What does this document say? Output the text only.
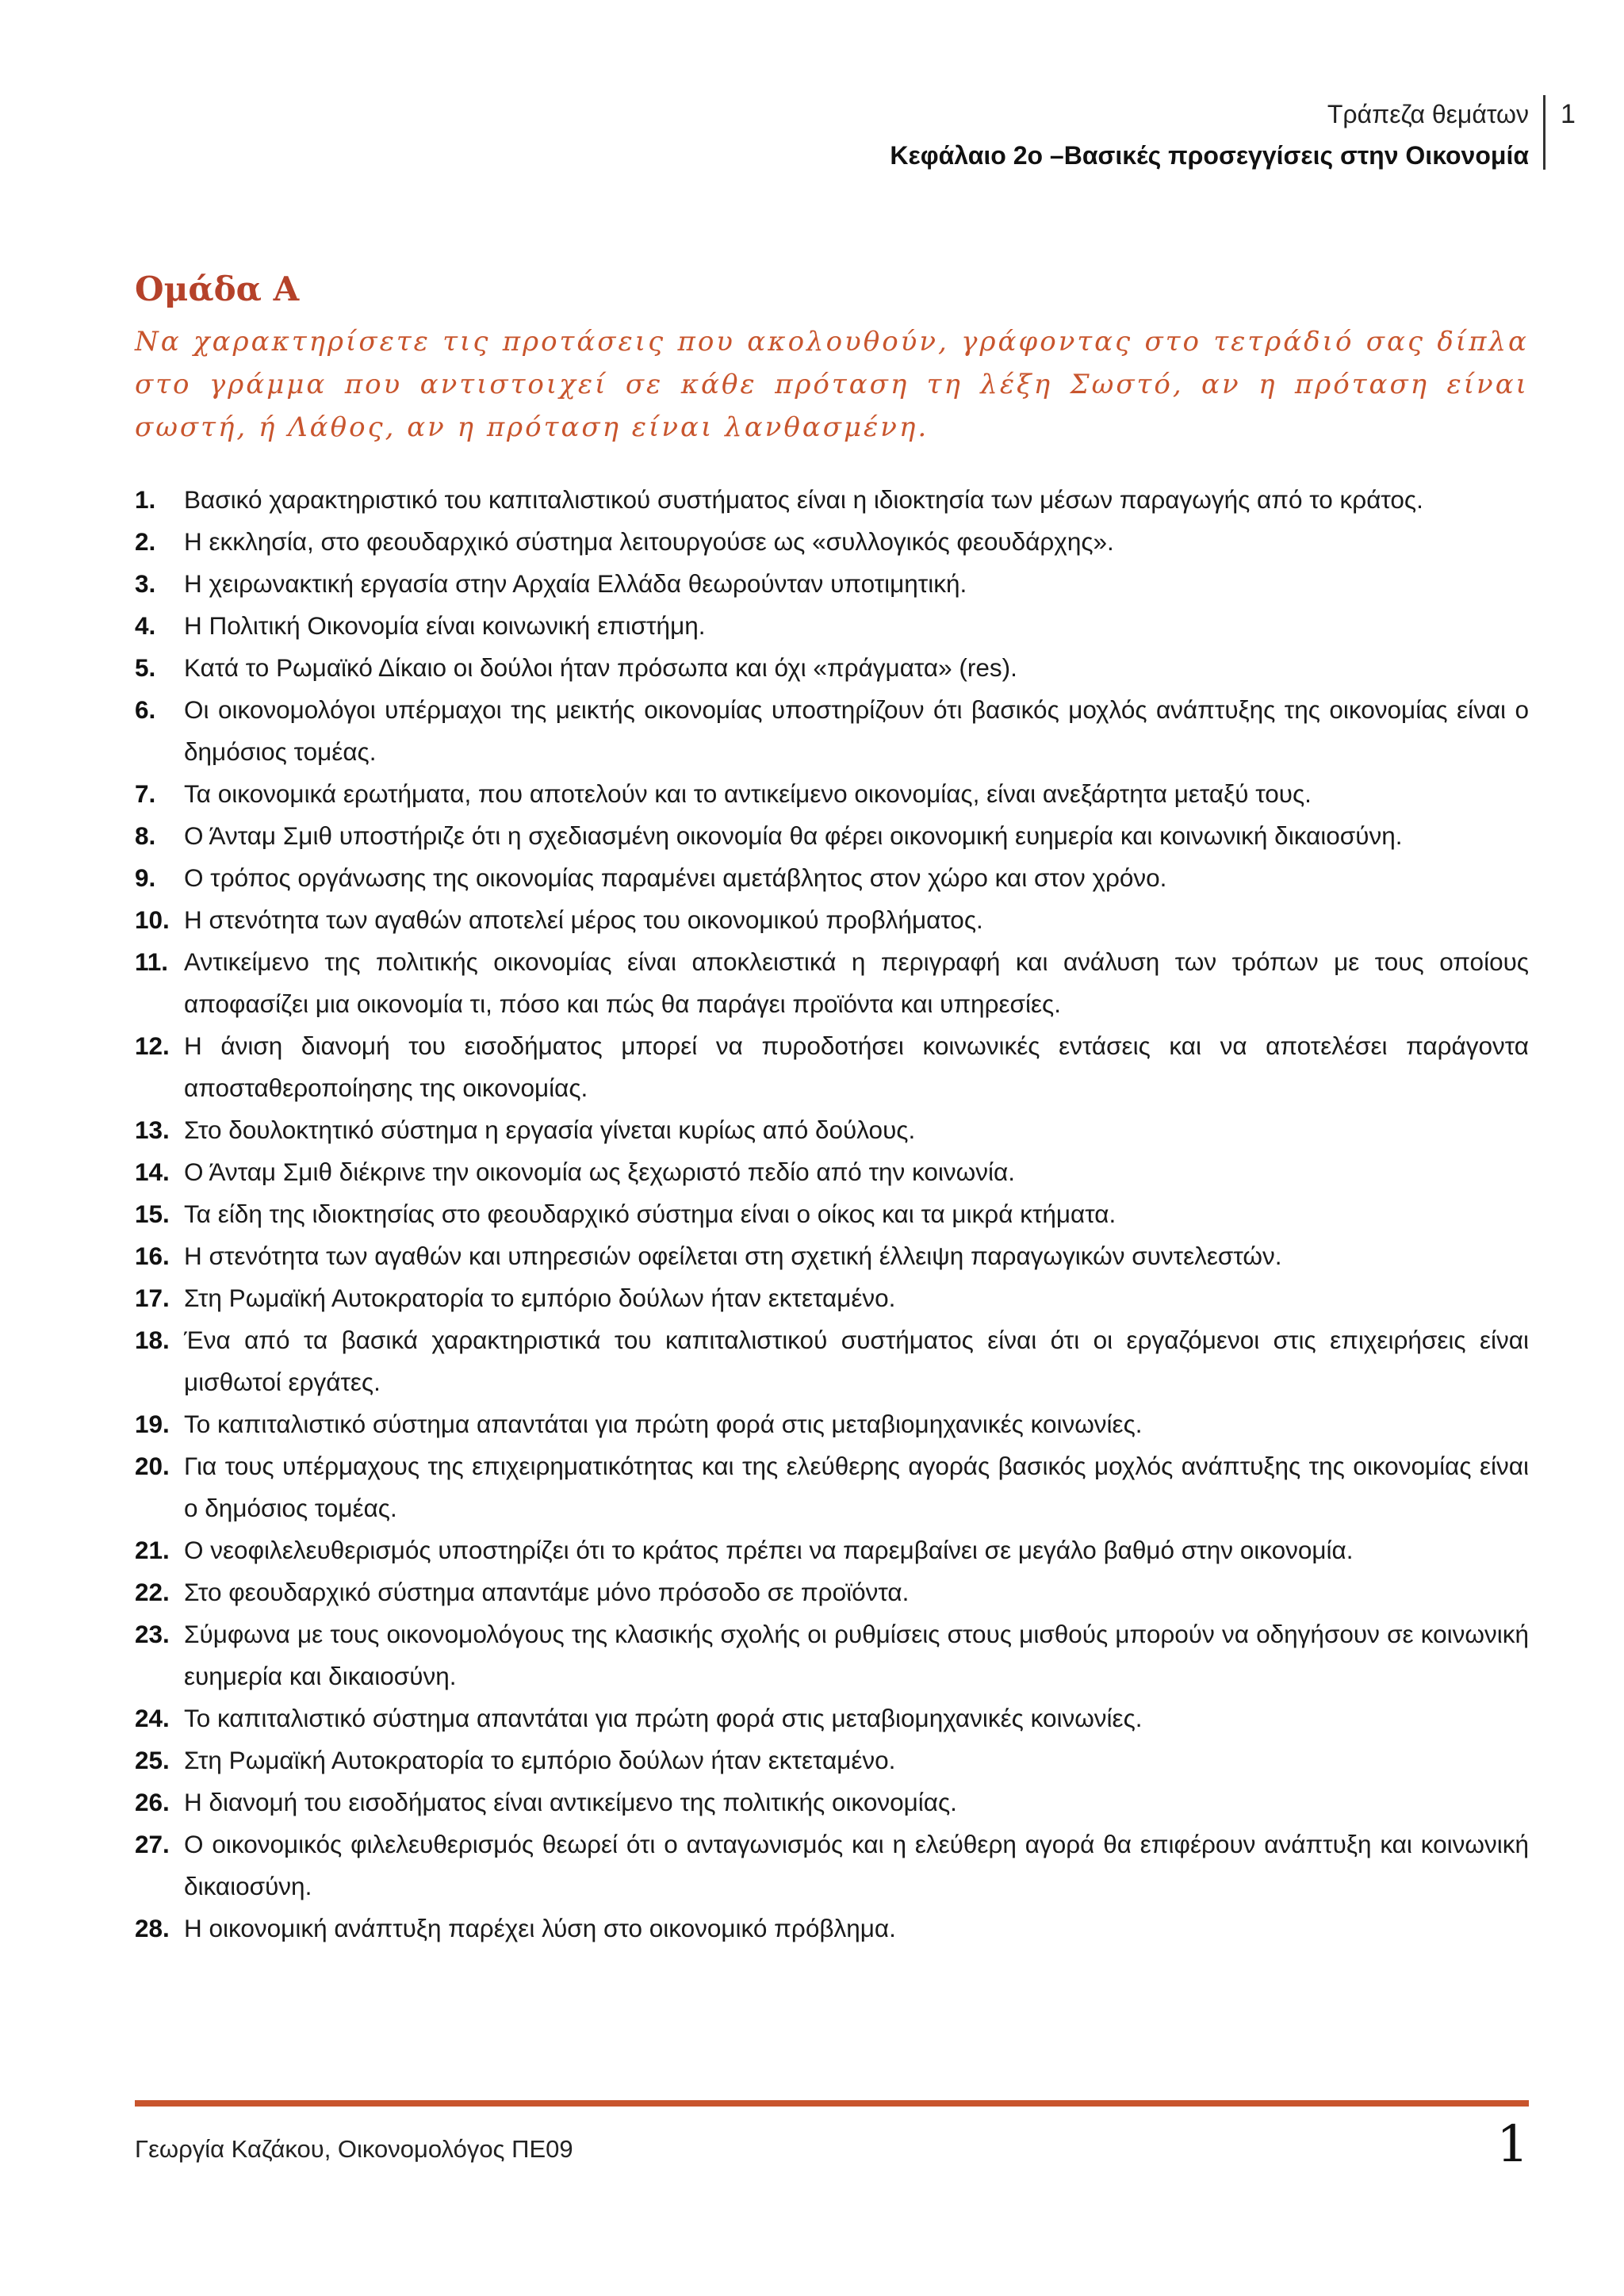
Τράπεζα θεμάτων
Κεφάλαιο 2ο –Βασικές προσεγγίσεις στην Οικονομία
1
Ομάδα Α

Να χαρακτηρίσετε τις προτάσεις που ακολουθούν, γράφοντας στο τετράδιό σας δίπλα στο γράμμα που αντιστοιχεί σε κάθε πρόταση τη λέξη Σωστό, αν η πρόταση είναι σωστή, ή Λάθος, αν η πρόταση είναι λανθασμένη.

1.	Βασικό χαρακτηριστικό του καπιταλιστικού συστήματος είναι η ιδιοκτησία των μέσων παραγωγής από το κράτος.
2.	Η εκκλησία, στο φεουδαρχικό σύστημα λειτουργούσε ως «συλλογικός φεουδάρχης».
3.	Η χειρωνακτική εργασία στην Αρχαία Ελλάδα θεωρούνταν υποτιμητική.
4.	Η Πολιτική Οικονομία είναι κοινωνική επιστήμη.
5.	Κατά το Ρωμαϊκό Δίκαιο οι δούλοι ήταν πρόσωπα και όχι «πράγματα» (res).
6.	Οι οικονομολόγοι υπέρμαχοι της μεικτής οικονομίας υποστηρίζουν ότι βασικός μοχλός ανάπτυξης της οικονομίας είναι ο δημόσιος τομέας.
7.	Τα οικονομικά ερωτήματα, που αποτελούν και το αντικείμενο οικονομίας, είναι ανεξάρτητα μεταξύ τους.
8.	Ο Άνταμ Σμιθ υποστήριζε ότι η σχεδιασμένη οικονομία θα φέρει οικονομική ευημερία και κοινωνική δικαιοσύνη.
9.	Ο τρόπος οργάνωσης της οικονομίας παραμένει αμετάβλητος στον χώρο και στον χρόνο.
10. Η στενότητα των αγαθών αποτελεί μέρος του οικονομικού προβλήματος.
11. Αντικείμενο της πολιτικής οικονομίας είναι αποκλειστικά η περιγραφή και ανάλυση των τρόπων με τους οποίους αποφασίζει μια οικονομία τι, πόσο και πώς θα παράγει προϊόντα και υπηρεσίες.
12. Η άνιση διανομή του εισοδήματος μπορεί να πυροδοτήσει κοινωνικές εντάσεις και να αποτελέσει παράγοντα αποσταθεροποίησης της οικονομίας.
13. Στο δουλοκτητικό σύστημα η εργασία γίνεται κυρίως από δούλους.
14. Ο Άνταμ Σμιθ διέκρινε την οικονομία ως ξεχωριστό πεδίο από την κοινωνία.
15. Τα είδη της ιδιοκτησίας στο φεουδαρχικό σύστημα είναι ο οίκος και τα μικρά κτήματα.
16. Η στενότητα των αγαθών και υπηρεσιών οφείλεται στη σχετική έλλειψη παραγωγικών συντελεστών.
17. Στη Ρωμαϊκή Αυτοκρατορία το εμπόριο δούλων ήταν εκτεταμένο.
18. Ένα από τα βασικά χαρακτηριστικά του καπιταλιστικού συστήματος είναι ότι οι εργαζόμενοι στις επιχειρήσεις είναι μισθωτοί εργάτες.
19. Το καπιταλιστικό σύστημα απαντάται για πρώτη φορά στις μεταβιομηχανικές κοινωνίες.
20. Για τους υπέρμαχους της επιχειρηματικότητας και της ελεύθερης αγοράς βασικός μοχλός ανάπτυξης της οικονομίας είναι ο δημόσιος τομέας.
21. Ο νεοφιλελευθερισμός υποστηρίζει ότι το κράτος πρέπει να παρεμβαίνει σε μεγάλο βαθμό στην οικονομία.
22. Στο φεουδαρχικό σύστημα απαντάμε μόνο πρόσοδο σε προϊόντα.
23. Σύμφωνα με τους οικονομολόγους της κλασικής σχολής οι ρυθμίσεις στους μισθούς μπορούν να οδηγήσουν σε κοινωνική ευημερία και δικαιοσύνη.
24. Το καπιταλιστικό σύστημα απαντάται για πρώτη φορά στις μεταβιομηχανικές κοινωνίες.
25. Στη Ρωμαϊκή Αυτοκρατορία το εμπόριο δούλων ήταν εκτεταμένο.
26. Η διανομή του εισοδήματος είναι αντικείμενο της πολιτικής οικονομίας.
27. Ο οικονομικός φιλελευθερισμός θεωρεί ότι ο ανταγωνισμός και η ελεύθερη αγορά θα επιφέρουν ανάπτυξη και κοινωνική δικαιοσύνη.
28. Η οικονομική ανάπτυξη παρέχει λύση στο οικονομικό πρόβλημα.
Γεωργία Καζάκου, Οικονομολόγος ΠΕ09	1
